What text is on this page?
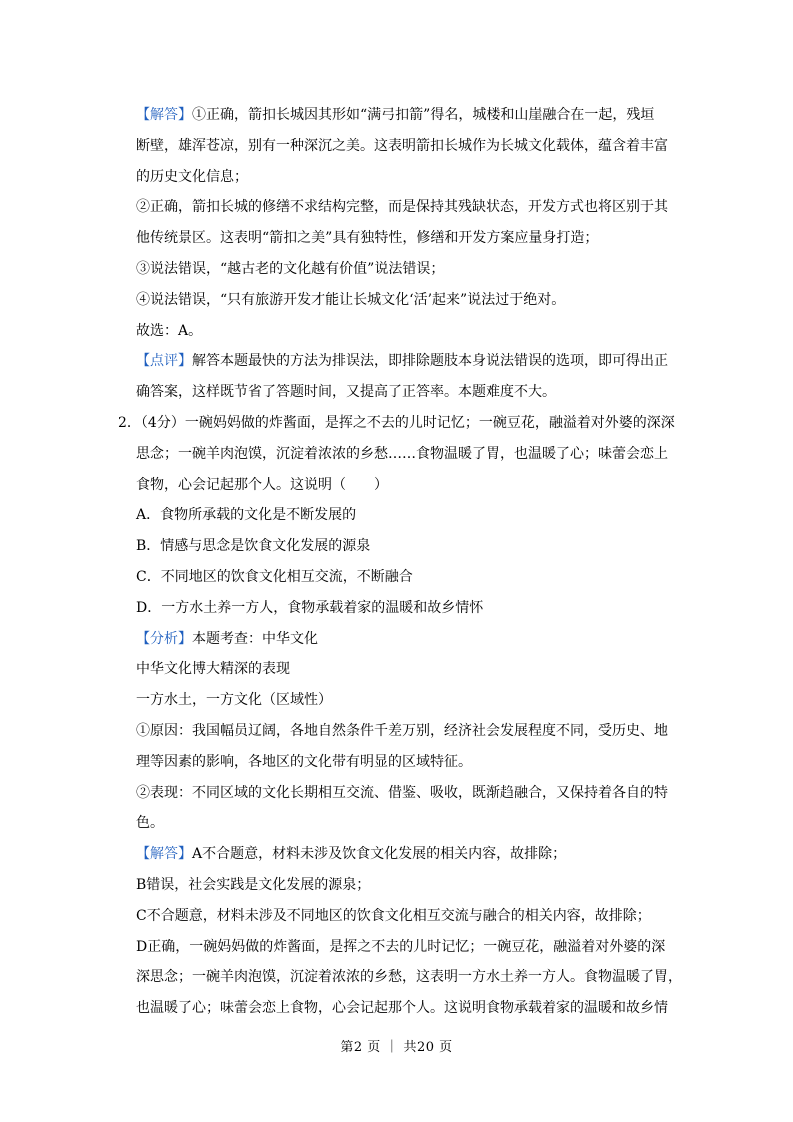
【解答】①正确，箭扣长城因其形如“满弓扣箭”得名，城楼和山崖融合在一起，残垣
断壁，雄浑苍凉，别有一种深沉之美。这表明箭扣长城作为长城文化载体，蕴含着丰富
的历史文化信息；
②正确，箭扣长城的修缮不求结构完整，而是保持其残缺状态，开发方式也将区别于其
他传统景区。这表明“箭扣之美”具有独特性，修缮和开发方案应量身打造；
③说法错误，“越古老的文化越有价值”说法错误；
④说法错误，“只有旅游开发才能让长城文化‘活’起来”说法过于绝对。
故选：A。
【点评】解答本题最快的方法为排误法，即排除题肢本身说法错误的选项，即可得出正
确答案，这样既节省了答题时间，又提高了正答率。本题难度不大。
2．（4分）一碗妈妈做的炸酱面，是挥之不去的儿时记忆；一碗豆花，融溢着对外婆的深深
思念；一碗羊肉泡馍，沉淀着浓浓的乡愁……食物温暖了胃，也温暖了心；味蕾会恋上
食物，心会记起那个人。这说明（　　）
A．食物所承载的文化是不断发展的
B．情感与思念是饮食文化发展的源泉
C．不同地区的饮食文化相互交流，不断融合
D．一方水土养一方人，食物承载着家的温暖和故乡情怀
【分析】本题考查：中华文化
中华文化博大精深的表现
一方水土，一方文化（区域性）
①原因：我国幅员辽阔，各地自然条件千差万别，经济社会发展程度不同，受历史、地
理等因素的影响，各地区的文化带有明显的区域特征。
②表现：不同区域的文化长期相互交流、借鉴、吸收，既渐趋融合，又保持着各自的特
色。
【解答】A不合题意，材料未涉及饮食文化发展的相关内容，故排除；
B错误，社会实践是文化发展的源泉；
C不合题意，材料未涉及不同地区的饮食文化相互交流与融合的相关内容，故排除；
D正确，一碗妈妈做的炸酱面，是挥之不去的儿时记忆；一碗豆花，融溢着对外婆的深
深思念；一碗羊肉泡馍，沉淀着浓浓的乡愁，这表明一方水土养一方人。食物温暖了胃，
也温暖了心；味蕾会恋上食物，心会记起那个人。这说明食物承载着家的温暖和故乡情
第2 页 ｜ 共20 页
